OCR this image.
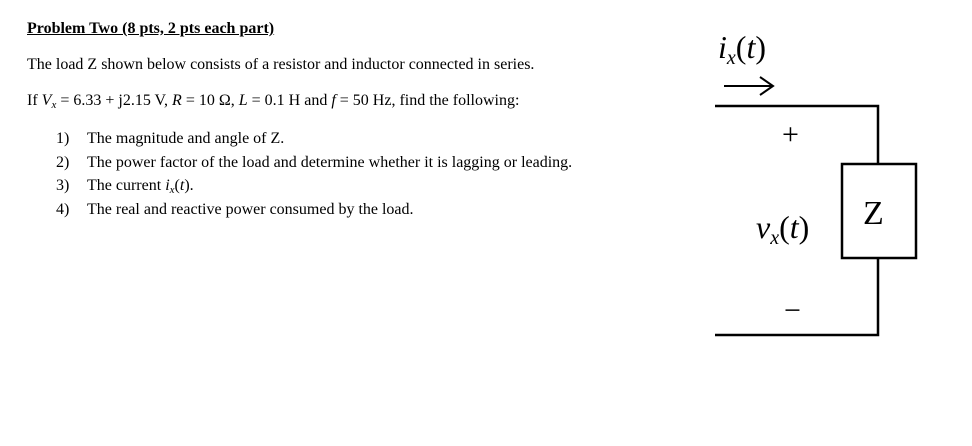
Problem Two (8 pts, 2 pts each part)
The load Z shown below consists of a resistor and inductor connected in series.
If $V_x = 6.33 + j2.15$ V, R = 10 Ω, L = 0.1 H and f = 50 Hz, find the following:
1) The magnitude and angle of Z.
2) The power factor of the load and determine whether it is lagging or leading.
3) The current $i_x(t)$.
4) The real and reactive power consumed by the load.
ix(t)
+
Z
vx(t)
−
